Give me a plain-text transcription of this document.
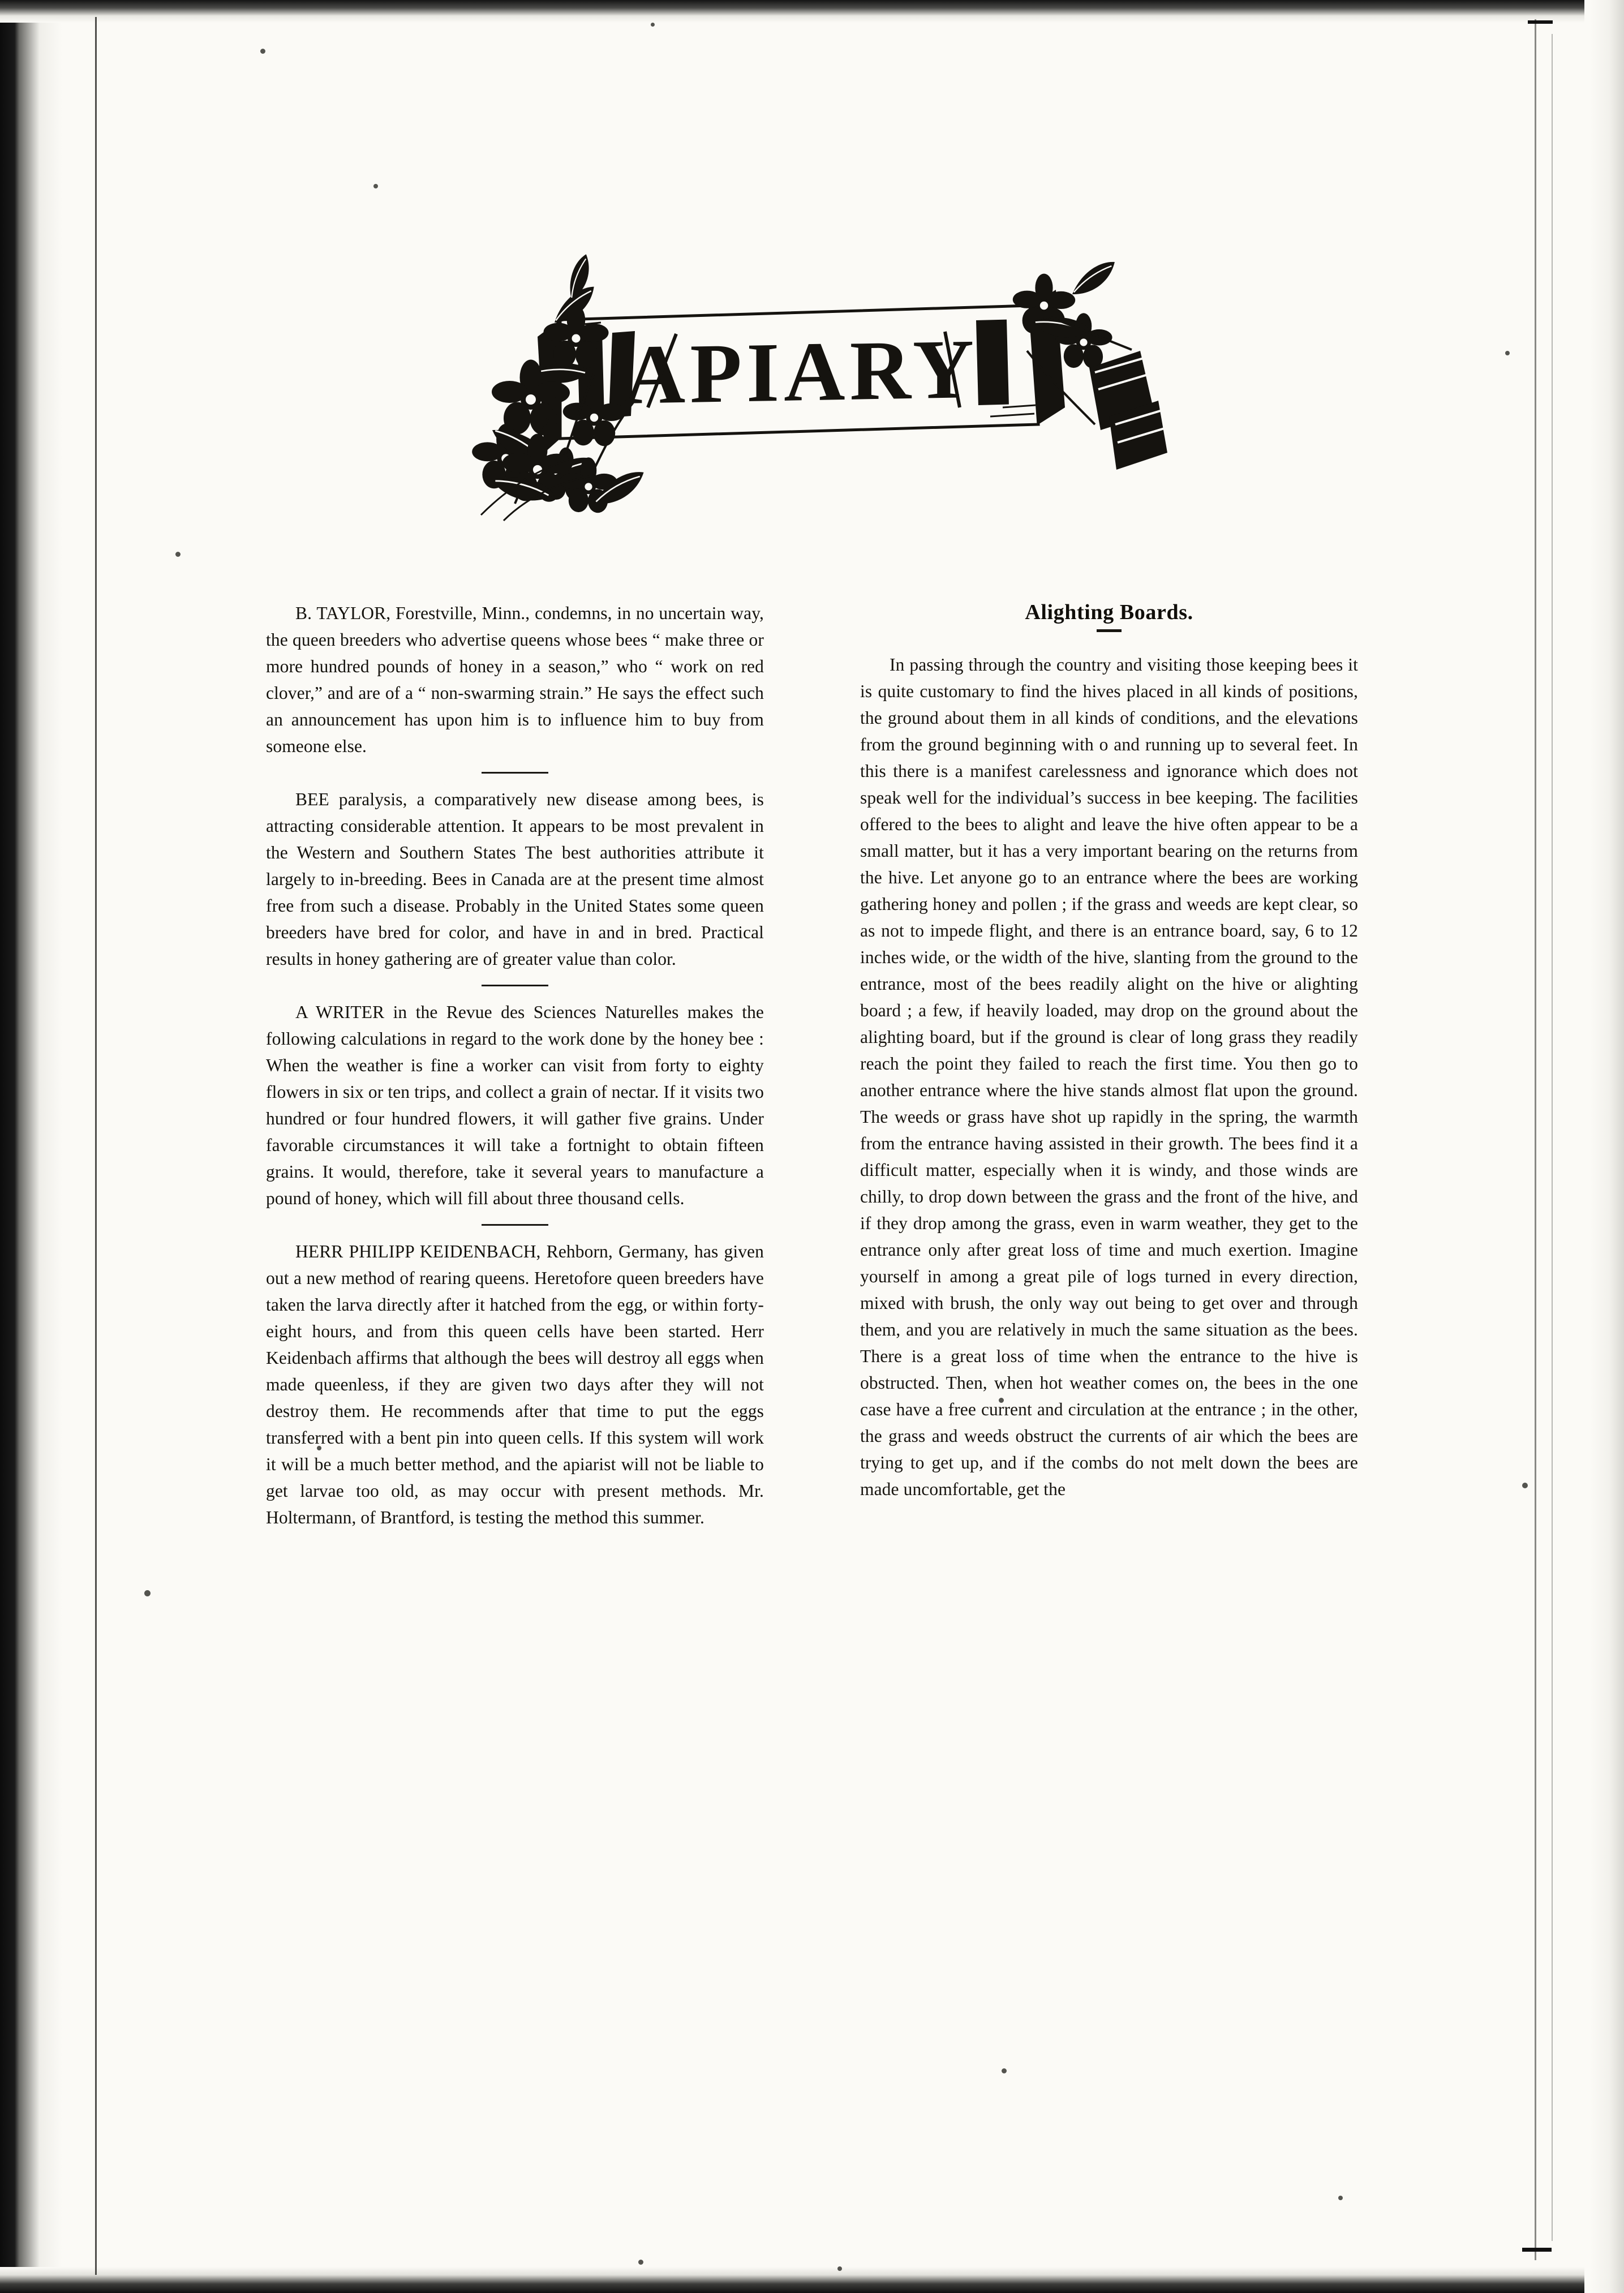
APIARY

B. TAYLOR, Forestville, Minn., condemns, in no uncertain way, the queen breeders who advertise queens whose bees “ make three or more hundred pounds of honey in a season,” who “ work on red clover,” and are of a “ non-swarming strain.” He says the effect such an announcement has upon him is to influence him to buy from someone else.

BEE paralysis, a comparatively new disease among bees, is attracting considerable attention. It appears to be most prevalent in the Western and Southern States The best authorities attribute it largely to in-breeding. Bees in Canada are at the present time almost free from such a disease. Probably in the United States some queen breeders have bred for color, and have in and in bred. Practical results in honey gathering are of greater value than color.

A WRITER in the Revue des Sciences Naturelles makes the following calculations in regard to the work done by the honey bee : When the weather is fine a worker can visit from forty to eighty flowers in six or ten trips, and collect a grain of nectar. If it visits two hundred or four hundred flowers, it will gather five grains. Under favorable circumstances it will take a fortnight to obtain fifteen grains. It would, therefore, take it several years to manufacture a pound of honey, which will fill about three thousand cells.

HERR PHILIPP KEIDENBACH, Rehborn, Germany, has given out a new method of rearing queens. Heretofore queen breeders have taken the larva directly after it hatched from the egg, or within forty-eight hours, and from this queen cells have been started. Herr Keidenbach affirms that although the bees will destroy all eggs when made queenless, if they are given two days after they will not destroy them. He recommends after that time to put the eggs transferred with a bent pin into queen cells. If this system will work it will be a much better method, and the apiarist will not be liable to get larvae too old, as may occur with present methods. Mr. Holtermann, of Brantford, is testing the method this summer.

Alighting Boards.

In passing through the country and visiting those keeping bees it is quite customary to find the hives placed in all kinds of positions, the ground about them in all kinds of conditions, and the elevations from the ground beginning with o and running up to several feet. In this there is a manifest carelessness and ignorance which does not speak well for the individual’s success in bee keeping. The facilities offered to the bees to alight and leave the hive often appear to be a small matter, but it has a very important bearing on the returns from the hive. Let anyone go to an entrance where the bees are working gathering honey and pollen ; if the grass and weeds are kept clear, so as not to impede flight, and there is an entrance board, say, 6 to 12 inches wide, or the width of the hive, slanting from the ground to the entrance, most of the bees readily alight on the hive or alighting board ; a few, if heavily loaded, may drop on the ground about the alighting board, but if the ground is clear of long grass they readily reach the point they failed to reach the first time. You then go to another entrance where the hive stands almost flat upon the ground. The weeds or grass have shot up rapidly in the spring, the warmth from the entrance having assisted in their growth. The bees find it a difficult matter, especially when it is windy, and those winds are chilly, to drop down between the grass and the front of the hive, and if they drop among the grass, even in warm weather, they get to the entrance only after great loss of time and much exertion. Imagine yourself in among a great pile of logs turned in every direction, mixed with brush, the only way out being to get over and through them, and you are relatively in much the same situation as the bees. There is a great loss of time when the entrance to the hive is obstructed. Then, when hot weather comes on, the bees in the one case have a free current and circulation at the entrance ; in the other, the grass and weeds obstruct the currents of air which the bees are trying to get up, and if the combs do not melt down the bees are made uncomfortable, get the
